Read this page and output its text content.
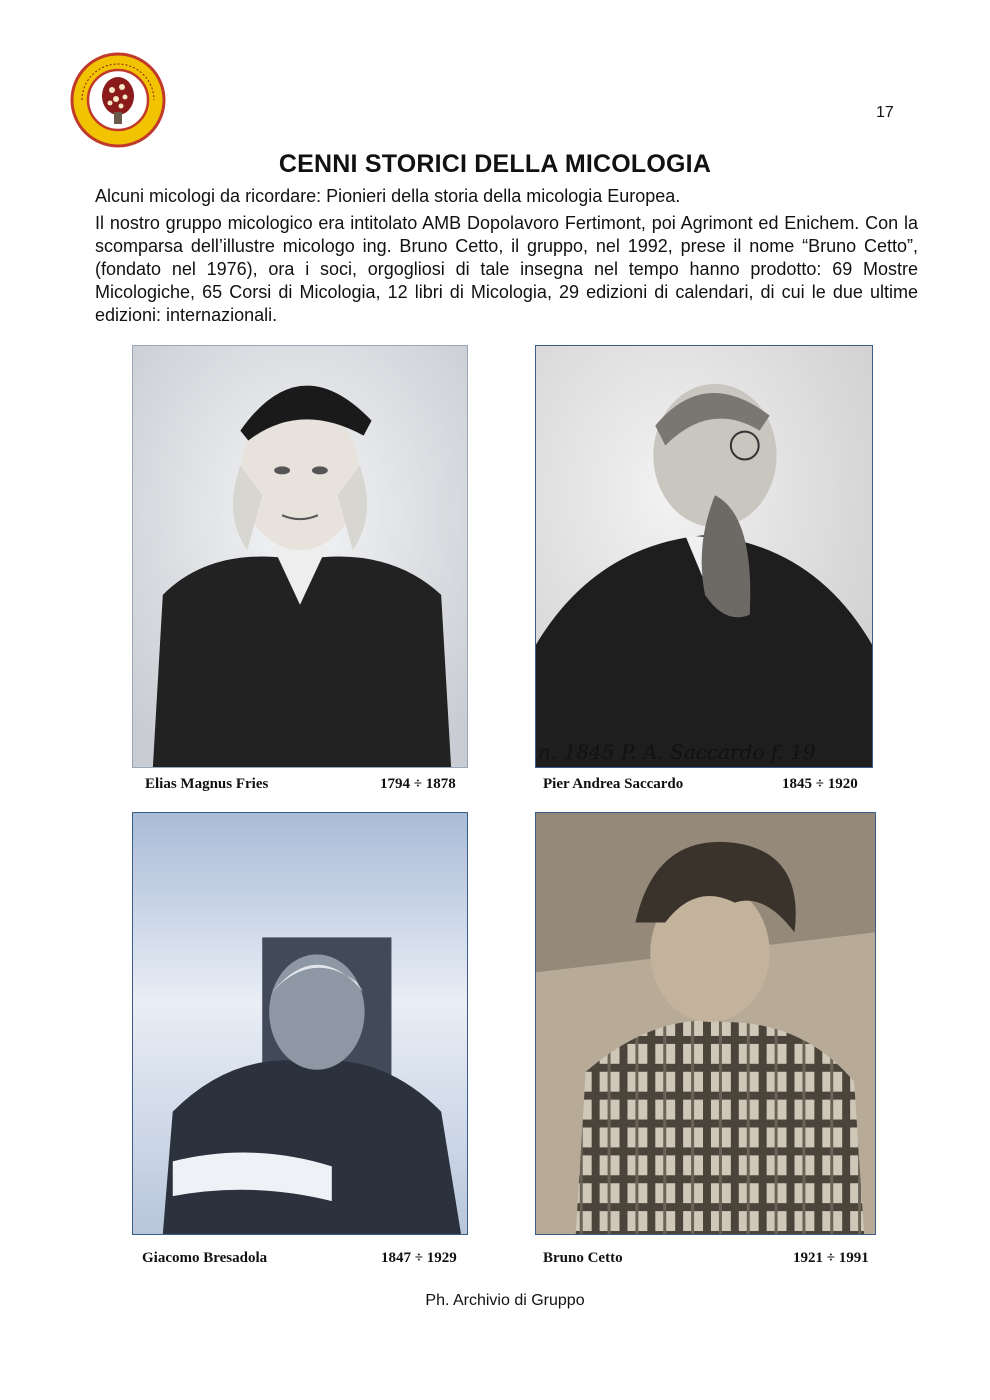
17
CENNI STORICI DELLA MICOLOGIA

Alcuni micologi da ricordare: Pionieri della storia della micologia Europea.

Il nostro gruppo micologico era intitolato AMB Dopolavoro Fertimont, poi Agrimont ed Enichem. Con la scomparsa dell’illustre micologo ing. Bruno Cetto, il gruppo, nel 1992, prese il nome “Bruno Cetto”, (fondato nel 1976), ora i soci, orgogliosi di tale insegna nel tempo hanno prodotto: 69 Mostre Micologiche, 65 Corsi di Micologia, 12 libri di Micologia, 29 edizioni di calendari, di cui le due ultime edizioni: internazionali.

Elias Magnus Fries	1794 ÷ 1878
n. 1845 P. A. Saccardo f. 19
Pier Andrea Saccardo	1845 ÷ 1920
Giacomo Bresadola	1847 ÷ 1929	Bruno Cetto	1921 ÷ 1991
Ph. Archivio di Gruppo
